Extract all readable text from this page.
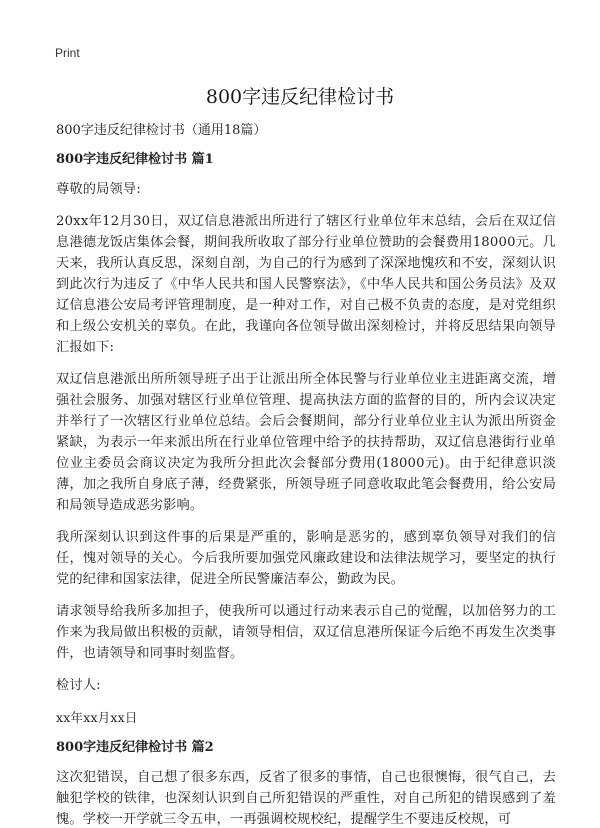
Print
800字违反纪律检讨书

800字违反纪律检讨书（通用18篇）

800字违反纪律检讨书 篇1

尊敬的局领导:

20xx年12月30日，双辽信息港派出所进行了辖区行业单位年末总结，会后在双辽信息港德龙饭店集体会餐，期间我所收取了部分行业单位赞助的会餐费用18000元。几天来，我所认真反思，深刻自剖，为自己的行为感到了深深地愧疚和不安，深刻认识到此次行为违反了《中华人民共和国人民警察法》，《中华人民共和国公务员法》及双辽信息港公安局考评管理制度，是一种对工作，对自己极不负责的态度，是对党组织和上级公安机关的辜负。在此，我谨向各位领导做出深刻检讨，并将反思结果向领导汇报如下:

双辽信息港派出所所领导班子出于让派出所全体民警与行业单位业主进距离交流，增强社会服务、加强对辖区行业单位管理、提高执法方面的监督的目的，所内会议决定并举行了一次辖区行业单位总结。会后会餐期间，部分行业单位业主认为派出所资金紧缺，为表示一年来派出所在行业单位管理中给予的扶持帮助，双辽信息港街行业单位业主委员会商议决定为我所分担此次会餐部分费用(18000元)。由于纪律意识淡薄，加之我所自身底子薄，经费紧张，所领导班子同意收取此笔会餐费用，给公安局和局领导造成恶劣影响。

我所深刻认识到这件事的后果是严重的，影响是恶劣的，感到辜负领导对我们的信任，愧对领导的关心。今后我所要加强党风廉政建设和法律法规学习，要坚定的执行党的纪律和国家法律，促进全所民警廉洁奉公，勤政为民。

请求领导给我所多加担子，使我所可以通过行动来表示自己的觉醒，以加倍努力的工作来为我局做出积极的贡献，请领导相信，双辽信息港所保证今后绝不再发生次类事件，也请领导和同事时刻监督。

检讨人:

xx年xx月xx日

800字违反纪律检讨书 篇2

这次犯错误，自己想了很多东西，反省了很多的事情，自己也很懊悔，很气自己，去触犯学校的铁律，也深刻认识到自己所犯错误的严重性，对自己所犯的错误感到了羞愧。学校一开学就三令五申，一再强调校规校纪，提醒学生不要违反校规，可
